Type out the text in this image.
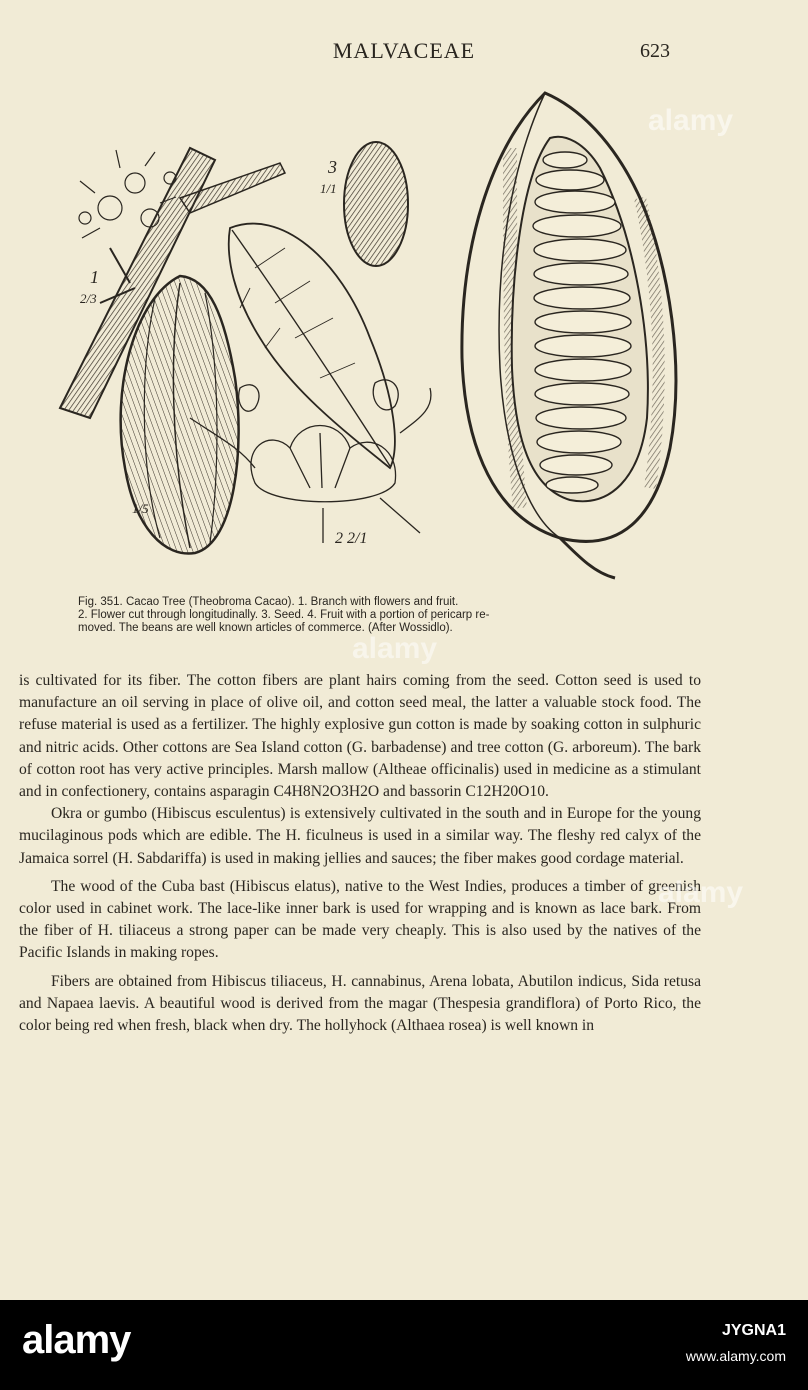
MALVACEAE	623
1
2/3
3
1/1
1/5
2 2/1

Fig. 351. Cacao Tree (Theobroma Cacao). 1. Branch with flowers and fruit.

2. Flower cut through longitudinally. 3. Seed. 4. Fruit with a portion of pericarp re-

moved. The beans are well known articles of commerce. (After Wossidlo).

is cultivated for its fiber. The cotton fibers are plant hairs coming from the seed. Cotton seed is used to manufacture an oil serving in place of olive oil, and cotton seed meal, the latter a valuable stock food. The refuse material is used as a fertilizer. The highly explosive gun cotton is made by soaking cotton in sulphuric and nitric acids. Other cottons are Sea Island cotton (G. barbadense) and tree cotton (G. arboreum). The bark of cotton root has very active principles. Marsh mallow (Altheae officinalis) used in medicine as a stimulant and in confectionery, contains asparagin C4H8N2O3H2O and bassorin C12H20O10.

Okra or gumbo (Hibiscus esculentus) is extensively cultivated in the south and in Europe for the young mucilaginous pods which are edible. The H. ficulneus is used in a similar way. The fleshy red calyx of the Jamaica sorrel (H. Sabdariffa) is used in making jellies and sauces; the fiber makes good cordage material.

The wood of the Cuba bast (Hibiscus elatus), native to the West Indies, produces a timber of greenish color used in cabinet work. The lace-like inner bark is used for wrapping and is known as lace bark. From the fiber of H. tiliaceus a strong paper can be made very cheaply. This is also used by the natives of the Pacific Islands in making ropes.

Fibers are obtained from Hibiscus tiliaceus, H. cannabinus, Arena lobata, Abutilon indicus, Sida retusa and Napaea laevis. A beautiful wood is derived from the magar (Thespesia grandiflora) of Porto Rico, the color being red when fresh, black when dry. The hollyhock (Althaea rosea) is well known in

alamy
alamy
alamy
alamy	JYGNA1
www.alamy.com
